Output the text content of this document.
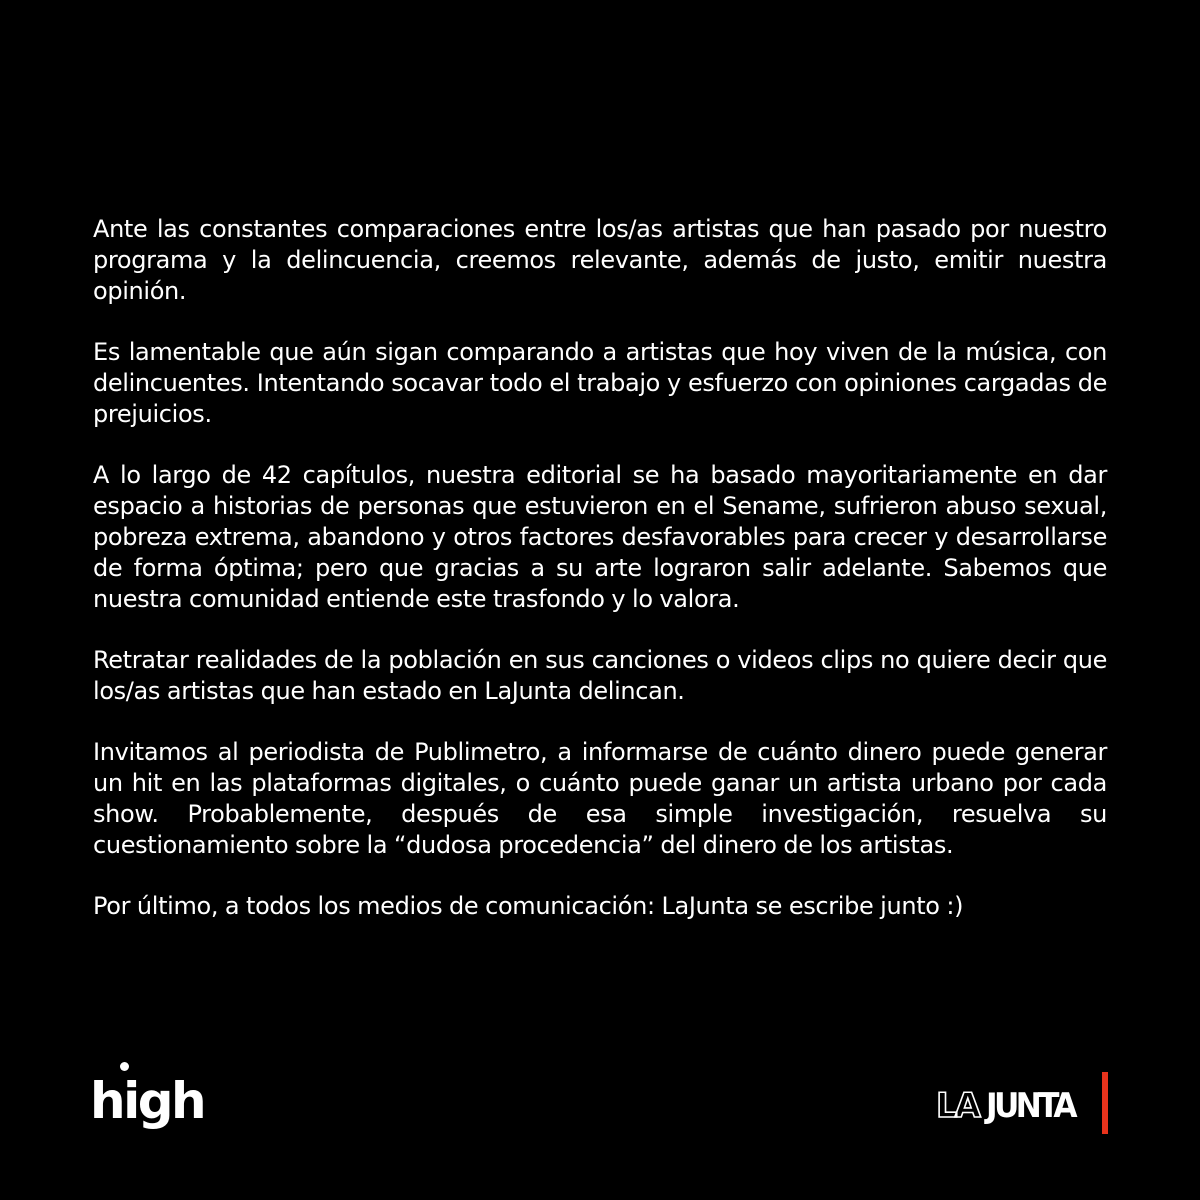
Ante las constantes comparaciones entre los/as artistas que han pasado por nuestro programa y la delincuencia, creemos relevante, además de justo, emitir nuestra opinión.

Es lamentable que aún sigan comparando a artistas que hoy viven de la música, con delincuentes. Intentando socavar todo el trabajo y esfuerzo con opiniones cargadas de prejuicios.

A lo largo de 42 capítulos, nuestra editorial se ha basado mayoritariamente en dar espacio a historias de personas que estuvieron en el Sename, sufrieron abuso sexual, pobreza extrema, abandono y otros factores desfavorables para crecer y desarrollarse de forma óptima; pero que gracias a su arte lograron salir adelante. Sabemos que nuestra comunidad entiende este trasfondo y lo valora.

Retratar realidades de la población en sus canciones o videos clips no quiere decir que los/as artistas que han estado en LaJunta delincan.

Invitamos al periodista de Publimetro, a informarse de cuánto dinero puede generar un hit en las plataformas digitales, o cuánto puede ganar un artista urbano por cada show. Probablemente, después de esa simple investigación, resuelva su cuestionamiento sobre la “dudosa procedencia” del dinero de los artistas.

Por último, a todos los medios de comunicación: LaJunta se escribe junto :)

high	LA JUNTA
